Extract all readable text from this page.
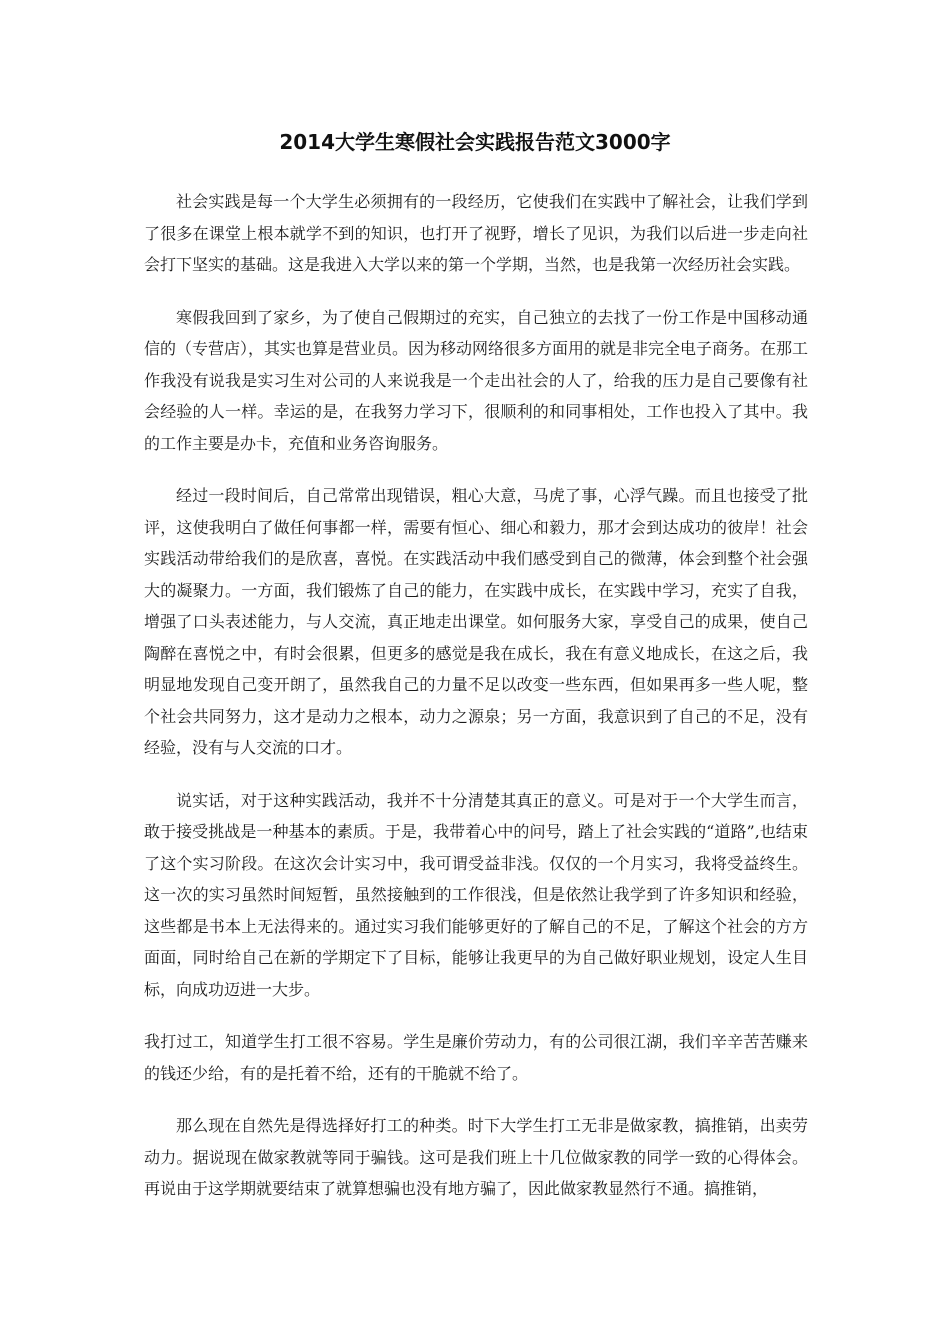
2014大学生寒假社会实践报告范文3000字

社会实践是每一个大学生必须拥有的一段经历，它使我们在实践中了解社会，让我们学到了很多在课堂上根本就学不到的知识，也打开了视野，增长了见识，为我们以后进一步走向社会打下坚实的基础。这是我进入大学以来的第一个学期，当然，也是我第一次经历社会实践。

寒假我回到了家乡，为了使自己假期过的充实，自己独立的去找了一份工作是中国移动通信的（专营店），其实也算是营业员。因为移动网络很多方面用的就是非完全电子商务。在那工作我没有说我是实习生对公司的人来说我是一个走出社会的人了，给我的压力是自己要像有社会经验的人一样。幸运的是，在我努力学习下，很顺利的和同事相处，工作也投入了其中。我的工作主要是办卡，充值和业务咨询服务。

经过一段时间后，自己常常出现错误，粗心大意，马虎了事，心浮气躁。而且也接受了批评，这使我明白了做任何事都一样，需要有恒心、细心和毅力，那才会到达成功的彼岸！社会实践活动带给我们的是欣喜，喜悦。在实践活动中我们感受到自己的微薄，体会到整个社会强大的凝聚力。一方面，我们锻炼了自己的能力，在实践中成长，在实践中学习，充实了自我，增强了口头表述能力，与人交流，真正地走出课堂。如何服务大家，享受自己的成果，使自己陶醉在喜悦之中，有时会很累，但更多的感觉是我在成长，我在有意义地成长，在这之后，我明显地发现自己变开朗了，虽然我自己的力量不足以改变一些东西，但如果再多一些人呢，整个社会共同努力，这才是动力之根本，动力之源泉；另一方面，我意识到了自己的不足，没有经验，没有与人交流的口才。

说实话，对于这种实践活动，我并不十分清楚其真正的意义。可是对于一个大学生而言，敢于接受挑战是一种基本的素质。于是，我带着心中的问号，踏上了社会实践的“道路”,也结束了这个实习阶段。在这次会计实习中，我可谓受益非浅。仅仅的一个月实习，我将受益终生。这一次的实习虽然时间短暂，虽然接触到的工作很浅，但是依然让我学到了许多知识和经验，这些都是书本上无法得来的。通过实习我们能够更好的了解自己的不足，了解这个社会的方方面面，同时给自己在新的学期定下了目标，能够让我更早的为自己做好职业规划，设定人生目标，向成功迈进一大步。

我打过工，知道学生打工很不容易。学生是廉价劳动力，有的公司很江湖，我们辛辛苦苦赚来的钱还少给，有的是托着不给，还有的干脆就不给了。

那么现在自然先是得选择好打工的种类。时下大学生打工无非是做家教，搞推销，出卖劳动力。据说现在做家教就等同于骗钱。这可是我们班上十几位做家教的同学一致的心得体会。再说由于这学期就要结束了就算想骗也没有地方骗了，因此做家教显然行不通。搞推销，
